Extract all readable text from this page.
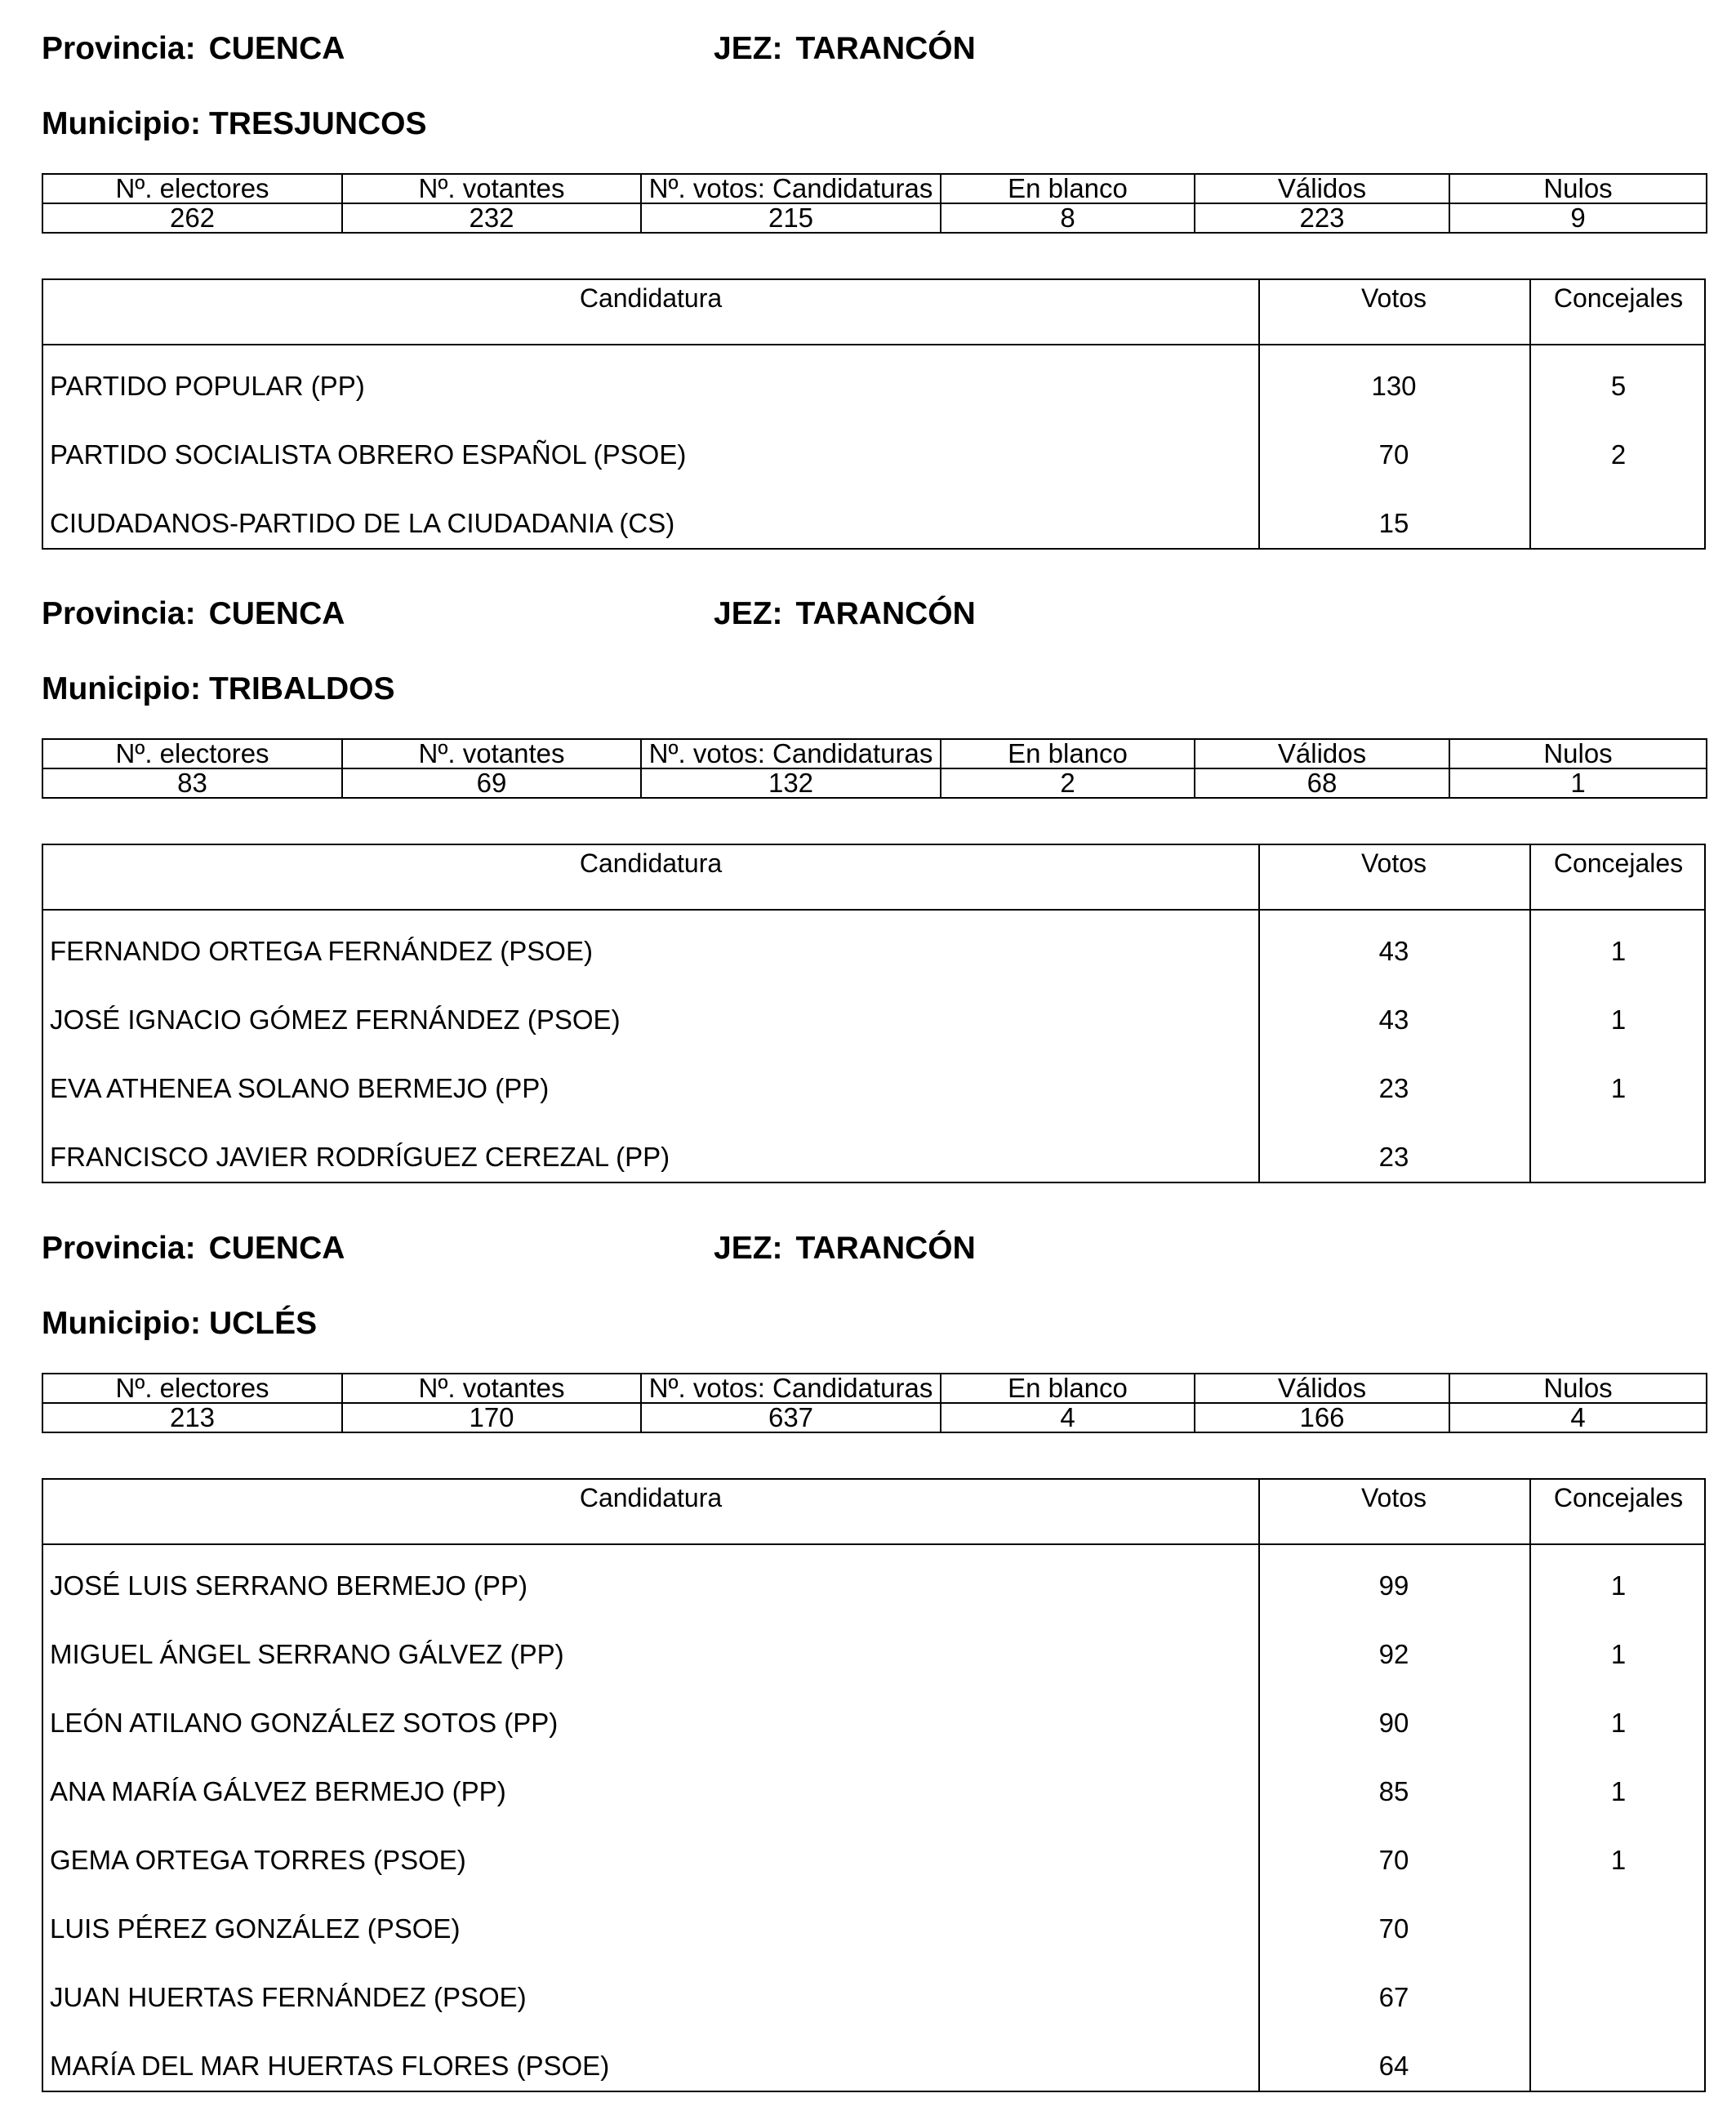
Provincia: CUENCA	JEZ: TARANCÓN
Municipio: TRESJUNCOS
Nº. electores	Nº. votantes	Nº. votos: Candidaturas	En blanco	Válidos	Nulos
262	232	215	8	223	9
Candidatura	Votos	Concejales
PARTIDO POPULAR (PP)	130	5
PARTIDO SOCIALISTA OBRERO ESPAÑOL (PSOE)	70	2
CIUDADANOS-PARTIDO DE LA CIUDADANIA (CS)	15
Provincia: CUENCA	JEZ: TARANCÓN
Municipio: TRIBALDOS
Nº. electores	Nº. votantes	Nº. votos: Candidaturas	En blanco	Válidos	Nulos
83	69	132	2	68	1
Candidatura	Votos	Concejales
FERNANDO ORTEGA FERNÁNDEZ (PSOE)	43	1
JOSÉ IGNACIO GÓMEZ FERNÁNDEZ (PSOE)	43	1
EVA ATHENEA SOLANO BERMEJO (PP)	23	1
FRANCISCO JAVIER RODRÍGUEZ CEREZAL (PP)	23
Provincia: CUENCA	JEZ: TARANCÓN
Municipio: UCLÉS
Nº. electores	Nº. votantes	Nº. votos: Candidaturas	En blanco	Válidos	Nulos
213	170	637	4	166	4
Candidatura	Votos	Concejales
JOSÉ LUIS SERRANO BERMEJO (PP)	99	1
MIGUEL ÁNGEL SERRANO GÁLVEZ (PP)	92	1
LEÓN ATILANO GONZÁLEZ SOTOS (PP)	90	1
ANA MARÍA GÁLVEZ BERMEJO (PP)	85	1
GEMA ORTEGA TORRES (PSOE)	70	1
LUIS PÉREZ GONZÁLEZ (PSOE)	70
JUAN HUERTAS FERNÁNDEZ (PSOE)	67
MARÍA DEL MAR HUERTAS FLORES (PSOE)	64
